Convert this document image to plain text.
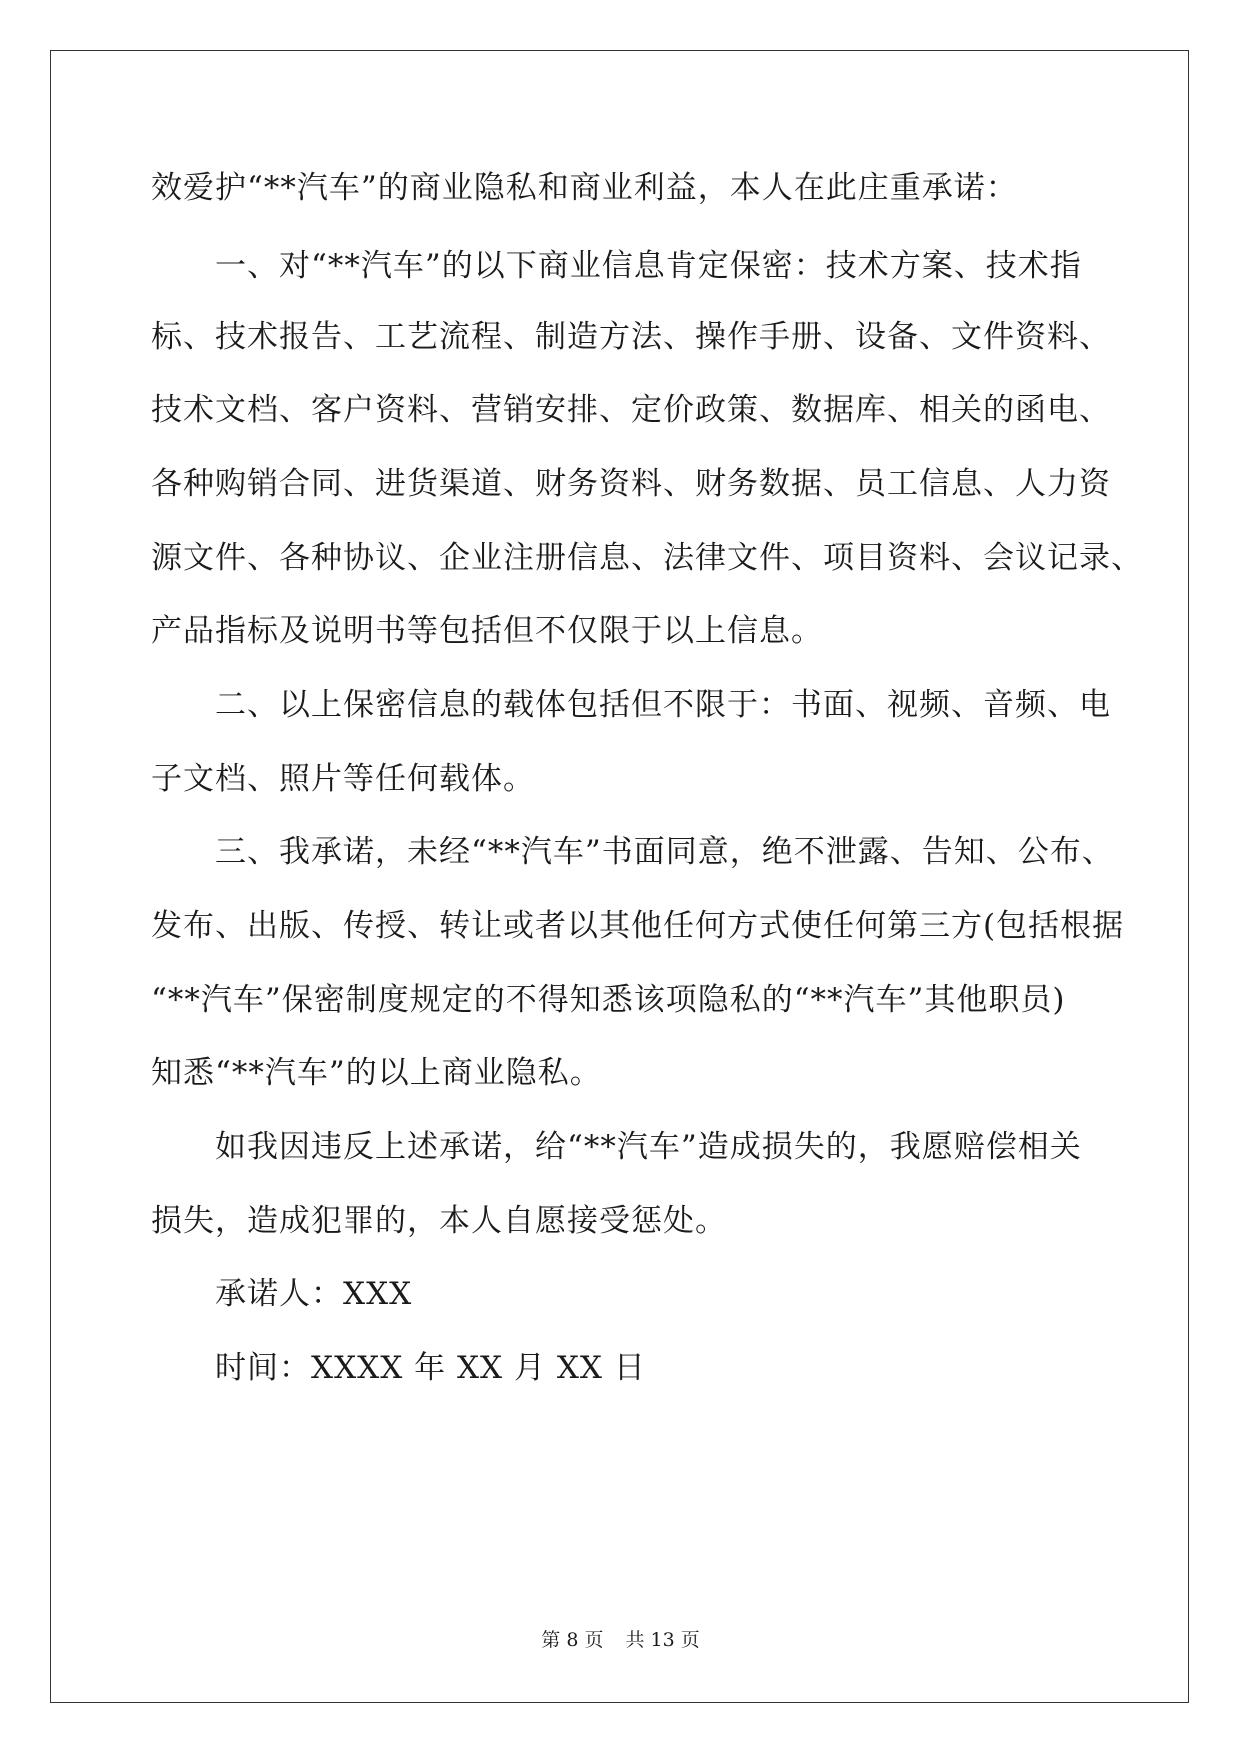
效爱护“**汽车”的商业隐私和商业利益，本人在此庄重承诺：
一、对“**汽车”的以下商业信息肯定保密：技术方案、技术指
标、技术报告、工艺流程、制造方法、操作手册、设备、文件资料、
技术文档、客户资料、营销安排、定价政策、数据库、相关的函电、
各种购销合同、进货渠道、财务资料、财务数据、员工信息、人力资
源文件、各种协议、企业注册信息、法律文件、项目资料、会议记录、
产品指标及说明书等包括但不仅限于以上信息。
二、以上保密信息的载体包括但不限于：书面、视频、音频、电
子文档、照片等任何载体。
三、我承诺，未经“**汽车”书面同意，绝不泄露、告知、公布、
发布、出版、传授、转让或者以其他任何方式使任何第三方(包括根据
“**汽车”保密制度规定的不得知悉该项隐私的“**汽车”其他职员)
知悉“**汽车”的以上商业隐私。
如我因违反上述承诺，给“**汽车”造成损失的，我愿赔偿相关
损失，造成犯罪的，本人自愿接受惩处。
承诺人：XXX
时间：XXXX 年 XX 月 XX 日
第 8 页 共 13 页
